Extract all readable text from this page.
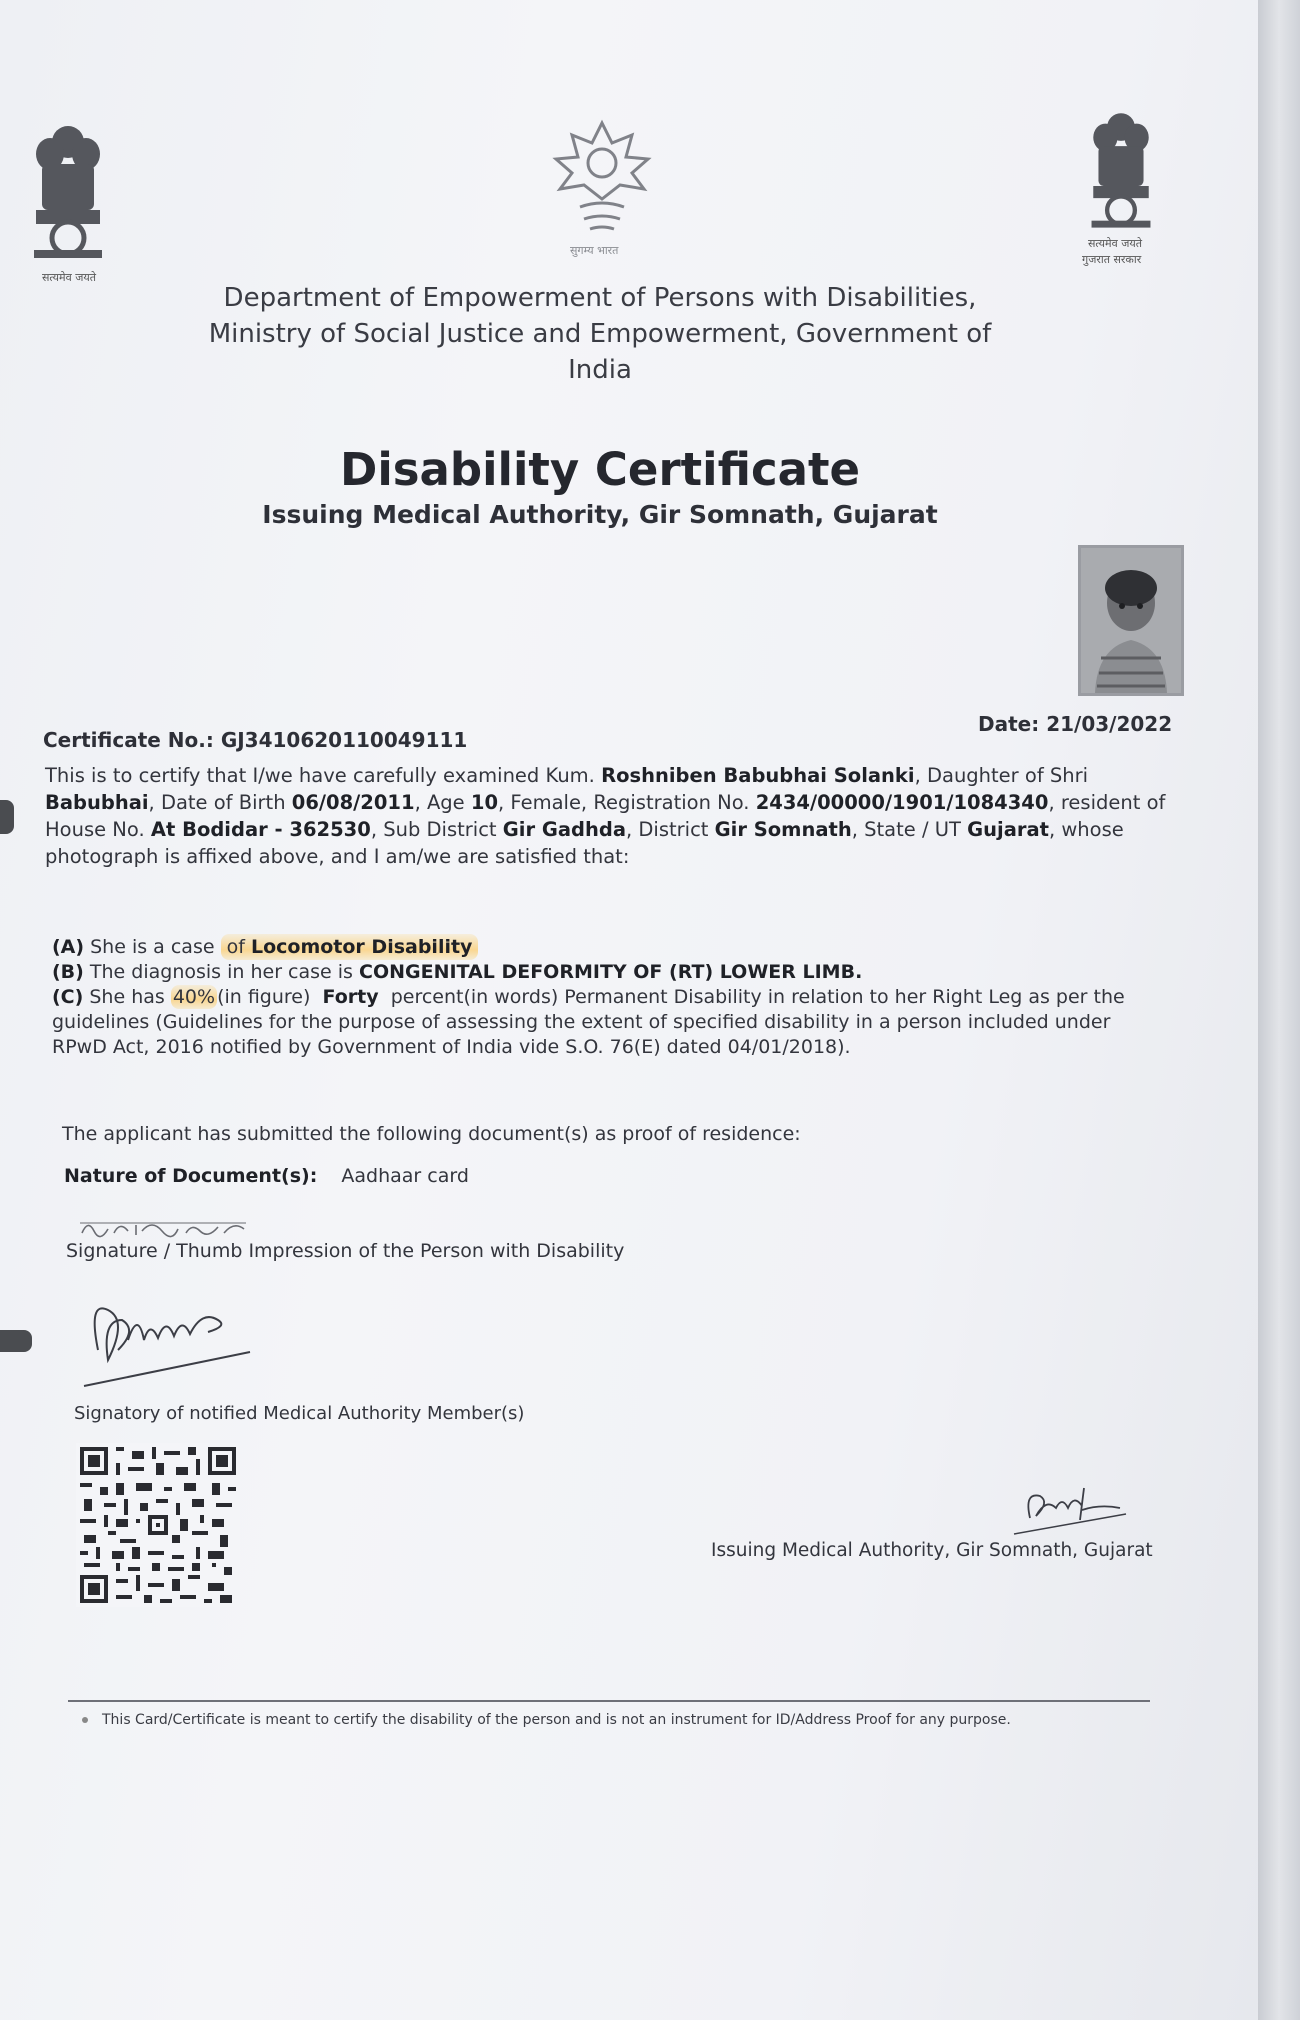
सत्यमेव जयते
सुगम्य भारत
सत्यमेव जयते
गुजरात सरकार
Department of Empowerment of Persons with Disabilities,
Ministry of Social Justice and Empowerment, Government of India
Disability Certificate
Issuing Medical Authority, Gir Somnath, Gujarat
Date: 21/03/2022
Certificate No.: GJ3410620110049111
This is to certify that I/we have carefully examined Kum. Roshniben Babubhai Solanki, Daughter of Shri Babubhai, Date of Birth 06/08/2011, Age 10, Female, Registration No. 2434/00000/1901/1084340, resident of House No. At Bodidar - 362530, Sub District Gir Gadhda, District Gir Somnath, State / UT Gujarat, whose photograph is affixed above, and I am/we are satisfied that:
(A) She is a case of Locomotor Disability
(B) The diagnosis in her case is CONGENITAL DEFORMITY OF (RT) LOWER LIMB.
(C) She has 40% (in figure) Forty percent(in words) Permanent Disability in relation to her Right Leg as per the guidelines (Guidelines for the purpose of assessing the extent of specified disability in a person included under RPwD Act, 2016 notified by Government of India vide S.O. 76(E) dated 04/01/2018).
The applicant has submitted the following document(s) as proof of residence:
Nature of Document(s): Aadhaar card
Signature / Thumb Impression of the Person with Disability
Signatory of notified Medical Authority Member(s)
Issuing Medical Authority, Gir Somnath, Gujarat
This Card/Certificate is meant to certify the disability of the person and is not an instrument for ID/Address Proof for any purpose.
